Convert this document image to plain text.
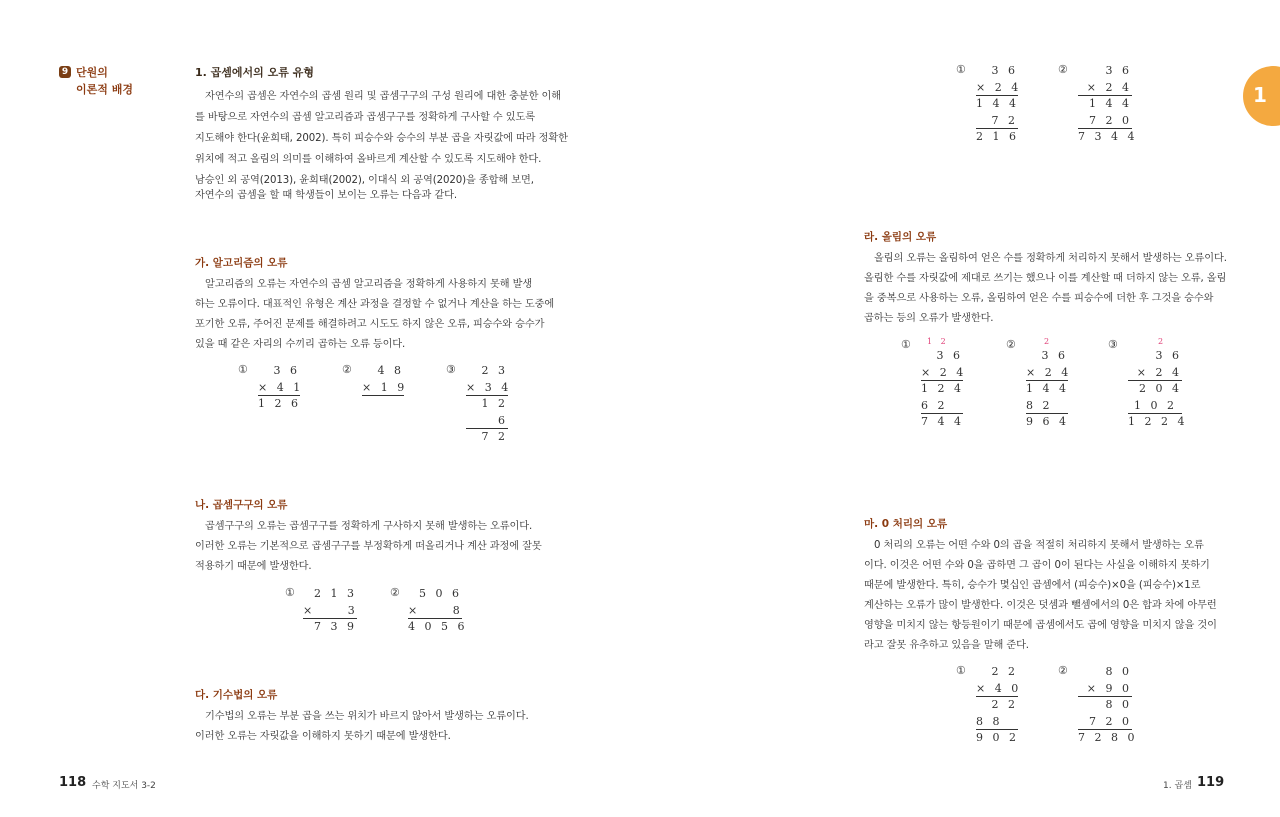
9 단원의
이론적 배경
1. 곱셈에서의 오류 유형
자연수의 곱셈은 자연수의 곱셈 원리 및 곱셈구구의 구성 원리에 대한 충분한 이해
를 바탕으로 자연수의 곱셈 알고리즘과 곱셈구구를 정확하게 구사할 수 있도록
지도해야 한다(윤희태, 2002). 특히 피승수와 승수의 부분 곱을 자릿값에 따라 정확한
위치에 적고 올림의 의미를 이해하여 올바르게 계산할 수 있도록 지도해야 한다.
남승인 외 공역(2013), 윤희태(2002), 이대식 외 공역(2020)을 종합해 보면,
자연수의 곱셈을 할 때 학생들이 보이는 오류는 다음과 같다.
가. 알고리즘의 오류
알고리즘의 오류는 자연수의 곱셈 알고리즘을 정확하게 사용하지 못해 발생
하는 오류이다. 대표적인 유형은 계산 과정을 결정할 수 없거나 계산을 하는 도중에
포기한 오류, 주어진 문제를 해결하려고 시도도 하지 않은 오류, 피승수와 승수가
있을 때 같은 자리의 수끼리 곱하는 오류 등이다.
①	3 6
× 4 1
1 2 6
②	4 8
× 1 9
③	2 3
× 3 4
1 2
6
7 2
나. 곱셈구구의 오류
곱셈구구의 오류는 곱셈구구를 정확하게 구사하지 못해 발생하는 오류이다.
이러한 오류는 기본적으로 곱셈구구를 부정확하게 떠올리거나 계산 과정에 잘못
적용하기 때문에 발생한다.
①	2 1 3
×     3
7 3 9
②	5 0 6
×     8
4 0 5 6
다. 기수법의 오류
기수법의 오류는 부분 곱을 쓰는 위치가 바르지 않아서 발생하는 오류이다.
이러한 오류는 자릿값을 이해하지 못하기 때문에 발생한다.
118 수학 지도서 3-2
1
①	3 6
× 2 4
1 4 4
7 2
2 1 6
②	3 6
× 2 4
1 4 4
7 2 0
7 3 4 4
라. 올림의 오류
올림의 오류는 올림하여 얻은 수를 정확하게 처리하지 못해서 발생하는 오류이다.
올림한 수를 자릿값에 제대로 쓰기는 했으나 이를 계산할 때 더하지 않는 오류, 올림
을 중복으로 사용하는 오류, 올림하여 얻은 수를 피승수에 더한 후 그것을 승수와
곱하는 등의 오류가 발생한다.
①	1 2
3 6
× 2 4
1 2 4
6 2
7 4 4
②	2
3 6
× 2 4
1 4 4
8 2
9 6 4
③	2
3 6
× 2 4
2 0 4
1 0 2
1 2 2 4
마. 0 처리의 오류
0 처리의 오류는 어떤 수와 0의 곱을 적절히 처리하지 못해서 발생하는 오류
이다. 이것은 어떤 수와 0을 곱하면 그 곱이 0이 된다는 사실을 이해하지 못하기
때문에 발생한다. 특히, 승수가 몇십인 곱셈에서 (피승수)×0을 (피승수)×1로
계산하는 오류가 많이 발생한다. 이것은 덧셈과 뺄셈에서의 0은 합과 차에 아무런
영향을 미치지 않는 항등원이기 때문에 곱셈에서도 곱에 영향을 미치지 않을 것이
라고 잘못 유추하고 있음을 말해 준다.
①	2 2
× 4 0
2 2
8 8
9 0 2
②	8 0
× 9 0
8 0
7 2 0
7 2 8 0
1. 곱셈 119
